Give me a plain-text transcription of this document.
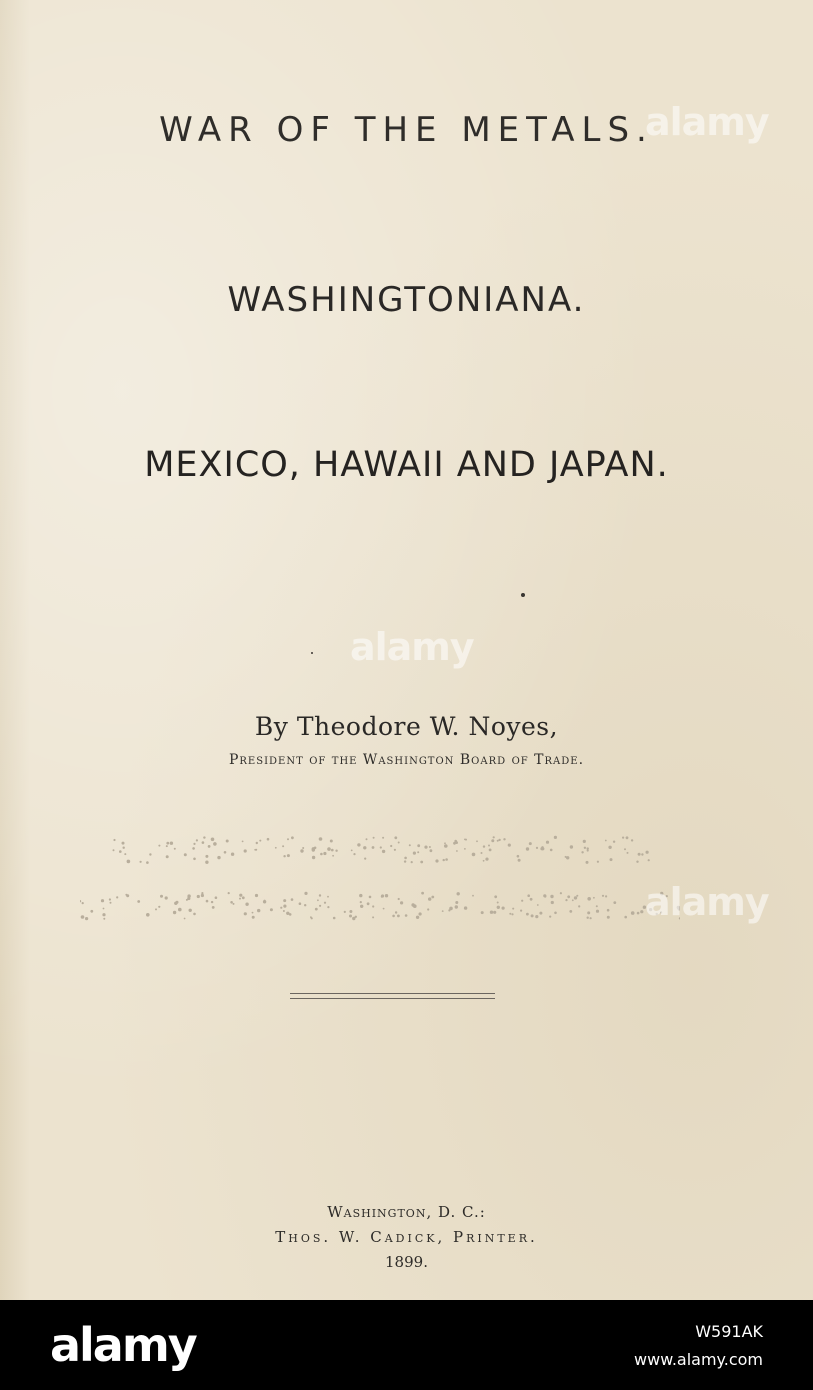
WAR OF THE METALS.
WASHINGTONIANA.
MEXICO, HAWAII AND JAPAN.
By Theodore W. Noyes,
President of the Washington Board of Trade.
Washington, D. C.:
Thos. W. Cadick, Printer.
1899.
alamy
alamy
alamy
alamy	W591AK
www.alamy.com
